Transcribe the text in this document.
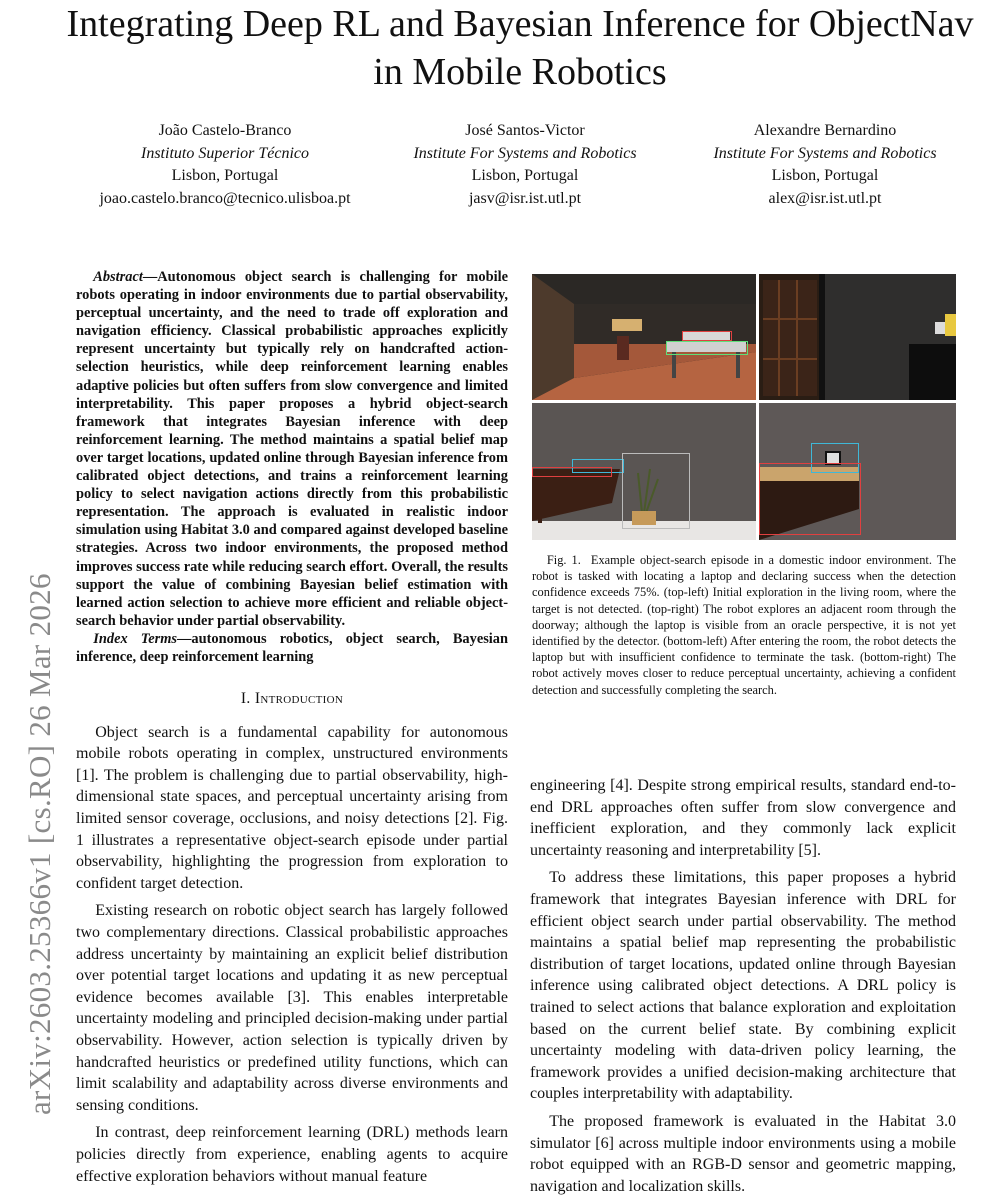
Integrating Deep RL and Bayesian Inference for ObjectNav in Mobile Robotics
João Castelo-Branco
Instituto Superior Técnico
Lisbon, Portugal
joao.castelo.branco@tecnico.ulisboa.pt
José Santos-Victor
Institute For Systems and Robotics
Lisbon, Portugal
jasv@isr.ist.utl.pt
Alexandre Bernardino
Institute For Systems and Robotics
Lisbon, Portugal
alex@isr.ist.utl.pt
arXiv:2603.25366v1 [cs.RO] 26 Mar 2026

Abstract—Autonomous object search is challenging for mobile robots operating in indoor environments due to partial observability, perceptual uncertainty, and the need to trade off exploration and navigation efficiency. Classical probabilistic approaches explicitly represent uncertainty but typically rely on handcrafted action-selection heuristics, while deep reinforcement learning enables adaptive policies but often suffers from slow convergence and limited interpretability. This paper proposes a hybrid object-search framework that integrates Bayesian inference with deep reinforcement learning. The method maintains a spatial belief map over target locations, updated online through Bayesian inference from calibrated object detections, and trains a reinforcement learning policy to select navigation actions directly from this probabilistic representation. The approach is evaluated in realistic indoor simulation using Habitat 3.0 and compared against developed baseline strategies. Across two indoor environments, the proposed method improves success rate while reducing search effort. Overall, the results support the value of combining Bayesian belief estimation with learned action selection to achieve more efficient and reliable object-search behavior under partial observability.

Index Terms—autonomous robotics, object search, Bayesian inference, deep reinforcement learning

I. Introduction

Object search is a fundamental capability for autonomous mobile robots operating in complex, unstructured environments [1]. The problem is challenging due to partial observability, high-dimensional state spaces, and perceptual uncertainty arising from limited sensor coverage, occlusions, and noisy detections [2]. Fig. 1 illustrates a representative object-search episode under partial observability, highlighting the progression from exploration to confident target detection.

Existing research on robotic object search has largely followed two complementary directions. Classical probabilistic approaches address uncertainty by maintaining an explicit belief distribution over potential target locations and updating it as new perceptual evidence becomes available [3]. This enables interpretable uncertainty modeling and principled decision-making under partial observability. However, action selection is typically driven by handcrafted heuristics or predefined utility functions, which can limit scalability and adaptability across diverse environments and sensing conditions.

In contrast, deep reinforcement learning (DRL) methods learn policies directly from experience, enabling agents to acquire effective exploration behaviors without manual feature

Fig. 1. Example object-search episode in a domestic indoor environment. The robot is tasked with locating a laptop and declaring success when the detection confidence exceeds 75%. (top-left) Initial exploration in the living room, where the target is not detected. (top-right) The robot explores an adjacent room through the doorway; although the laptop is visible from an oracle perspective, it is not yet identified by the detector. (bottom-left) After entering the room, the robot detects the laptop but with insufficient confidence to terminate the task. (bottom-right) The robot actively moves closer to reduce perceptual uncertainty, achieving a confident detection and successfully completing the search.

engineering [4]. Despite strong empirical results, standard end-to-end DRL approaches often suffer from slow convergence and inefficient exploration, and they commonly lack explicit uncertainty reasoning and interpretability [5].

To address these limitations, this paper proposes a hybrid framework that integrates Bayesian inference with DRL for efficient object search under partial observability. The method maintains a spatial belief map representing the probabilistic distribution of target locations, updated online through Bayesian inference using calibrated object detections. A DRL policy is trained to select actions that balance exploration and exploitation based on the current belief state. By combining explicit uncertainty modeling with data-driven policy learning, the framework provides a unified decision-making architecture that couples interpretability with adaptability.

The proposed framework is evaluated in the Habitat 3.0 simulator [6] across multiple indoor environments using a mobile robot equipped with an RGB-D sensor and geometric mapping, navigation and localization skills.
